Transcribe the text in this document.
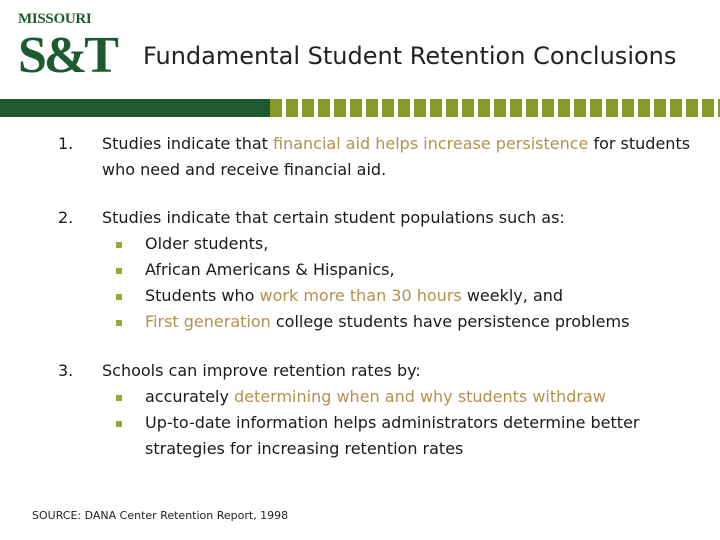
MISSOURI
S&T Fundamental Student Retention Conclusions
1. Studies indicate that financial aid helps increase persistence for students who need and receive financial aid.
2. Studies indicate that certain student populations such as:
Older students,
African Americans & Hispanics,
Students who work more than 30 hours weekly, and
First generation college students have persistence problems
3. Schools can improve retention rates by:
accurately determining when and why students withdraw
Up-to-date information helps administrators determine better strategies for increasing retention rates
SOURCE: DANA Center Retention Report, 1998
